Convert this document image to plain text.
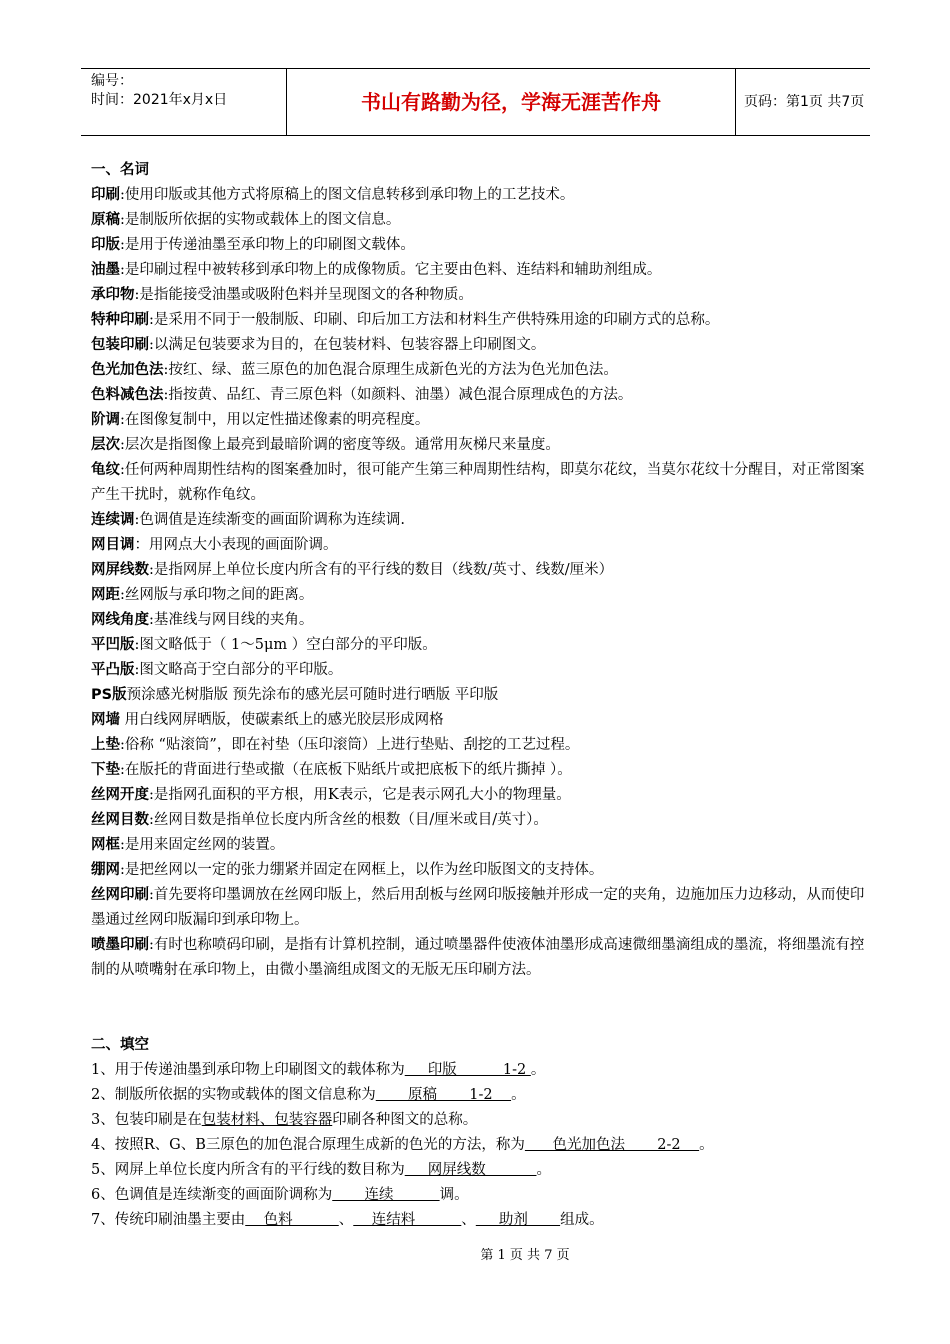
编号：
时间：2021年x月x日	书山有路勤为径，学海无涯苦作舟	页码：第1页 共7页
一、名词

印刷:使用印版或其他方式将原稿上的图文信息转移到承印物上的工艺技术。

原稿:是制版所依据的实物或载体上的图文信息。

印版:是用于传递油墨至承印物上的印刷图文载体。

油墨:是印刷过程中被转移到承印物上的成像物质。它主要由色料、连结料和辅助剂组成。

承印物:是指能接受油墨或吸附色料并呈现图文的各种物质。

特种印刷:是采用不同于一般制版、印刷、印后加工方法和材料生产供特殊用途的印刷方式的总称。

包装印刷:以满足包装要求为目的，在包装材料、包装容器上印刷图文。

色光加色法:按红、绿、蓝三原色的加色混合原理生成新色光的方法为色光加色法。

色料减色法:指按黄、品红、青三原色料（如颜料、油墨）减色混合原理成色的方法。

阶调:在图像复制中，用以定性描述像素的明亮程度。

层次:层次是指图像上最亮到最暗阶调的密度等级。通常用灰梯尺来量度。

龟纹:任何两种周期性结构的图案叠加时，很可能产生第三种周期性结构，即莫尔花纹，当莫尔花纹十分醒目，对正常图案产生干扰时，就称作龟纹。

连续调:色调值是连续渐变的画面阶调称为连续调.

网目调：用网点大小表现的画面阶调。

网屏线数:是指网屏上单位长度内所含有的平行线的数目（线数/英寸、线数/厘米）

网距:丝网版与承印物之间的距离。

网线角度:基准线与网目线的夹角。

平凹版:图文略低于（ 1～5μm ）空白部分的平印版。

平凸版:图文略高于空白部分的平印版。

PS版预涂感光树脂版 预先涂布的感光层可随时进行晒版 平印版

网墙 用白线网屏晒版，使碳素纸上的感光胶层形成网格

上垫:俗称 “贴滚筒”，即在衬垫（压印滚筒）上进行垫贴、刮挖的工艺过程。

下垫:在版托的背面进行垫或撤（在底板下贴纸片或把底板下的纸片撕掉 ）。

丝网开度:是指网孔面积的平方根，用K表示，它是表示网孔大小的物理量。

丝网目数:丝网目数是指单位长度内所含丝的根数（目/厘米或目/英寸）。

网框:是用来固定丝网的装置。

绷网:是把丝网以一定的张力绷紧并固定在网框上，以作为丝印版图文的支持体。

丝网印刷:首先要将印墨调放在丝网印版上，然后用刮板与丝网印版接触并形成一定的夹角，边施加压力边移动，从而使印墨通过丝网印版漏印到承印物上。

喷墨印刷:有时也称喷码印刷，是指有计算机控制，通过喷墨器件使液体油墨形成高速微细墨滴组成的墨流，将细墨流有控制的从喷嘴射在承印物上，由微小墨滴组成图文的无版无压印刷方法。

二、填空

1、用于传递油墨到承印物上印刷图文的载体称为     印版          1-2 。

2、制版所依据的实物或载体的图文信息称为       原稿       1-2    。

3、包装印刷是在包装材料、包装容器印刷各种图文的总称。

4、按照R、G、B三原色的加色混合原理生成新的色光的方法，称为      色光加色法       2-2    。

5、网屏上单位长度内所含有的平行线的数目称为     网屏线数           。

6、色调值是连续渐变的画面阶调称为       连续          调。

7、传统印刷油墨主要由    色料          、    连结料          、     助剂       组成。

第 1 页 共 7 页
